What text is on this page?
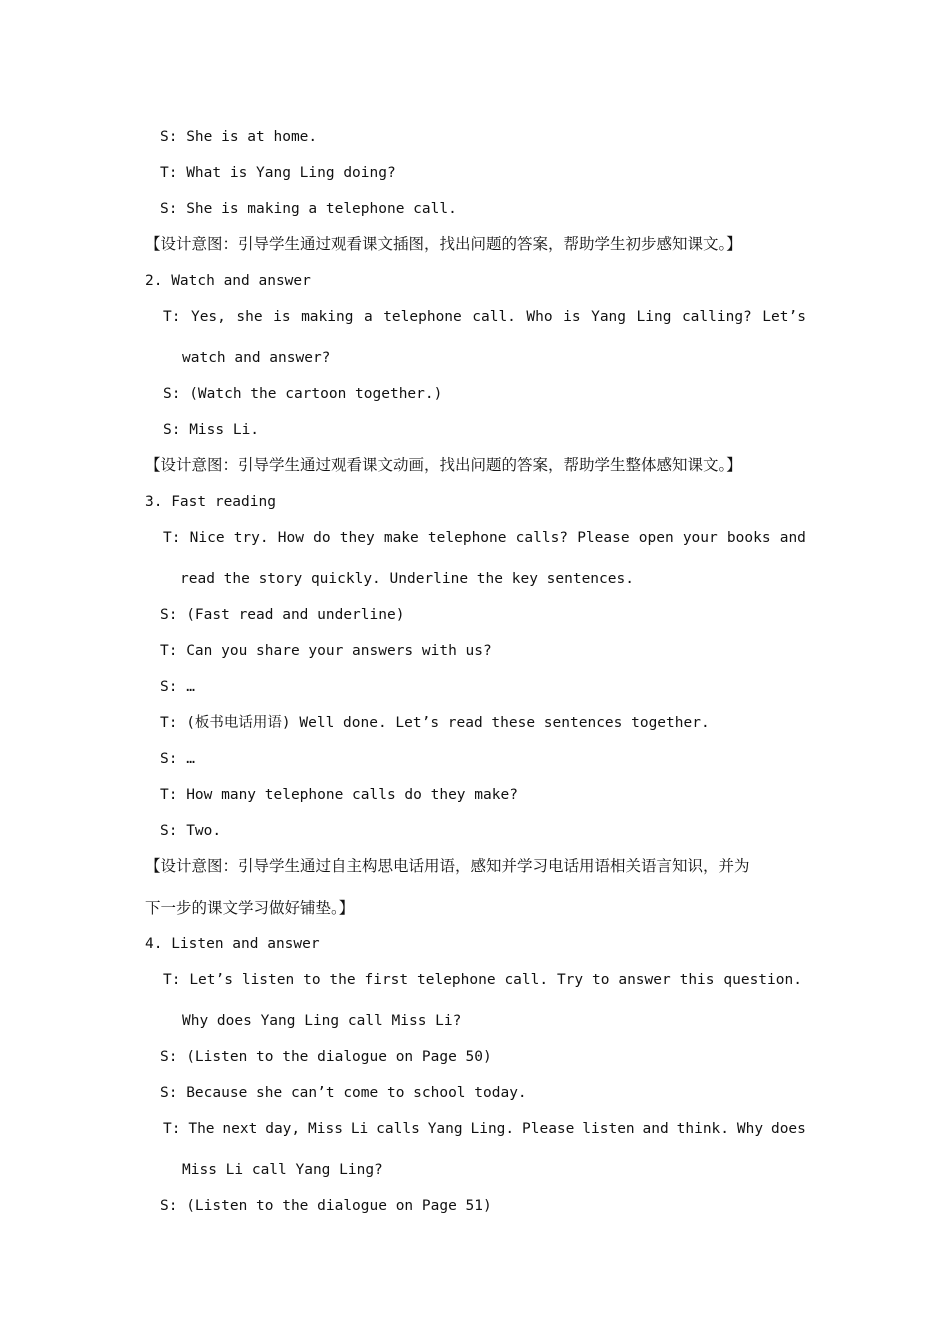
S: She is at home.
T: What is Yang Ling doing?
S: She is making a telephone call.
【设计意图：引导学生通过观看课文插图，找出问题的答案，帮助学生初步感知课文。】
2. Watch and answer
T: Yes, she is making a telephone call. Who is Yang Ling calling? Let’s
watch and answer?
S: (Watch the cartoon together.)
S: Miss Li.
【设计意图：引导学生通过观看课文动画，找出问题的答案，帮助学生整体感知课文。】
3. Fast reading
T: Nice try. How do they make telephone calls? Please open your books and
read the story quickly. Underline the key sentences.
S: (Fast read and underline)
T: Can you share your answers with us?
S: …
T: (板书电话用语) Well done. Let’s read these sentences together.
S: …
T: How many telephone calls do they make?
S: Two.
【设计意图：引导学生通过自主构思电话用语，感知并学习电话用语相关语言知识，并为
下一步的课文学习做好铺垫。】
4. Listen and answer
T: Let’s listen to the first telephone call. Try to answer this question.
Why does Yang Ling call Miss Li?
S: (Listen to the dialogue on Page 50)
S: Because she can’t come to school today.
T: The next day, Miss Li calls Yang Ling. Please listen and think. Why does
Miss Li call Yang Ling?
S: (Listen to the dialogue on Page 51)
